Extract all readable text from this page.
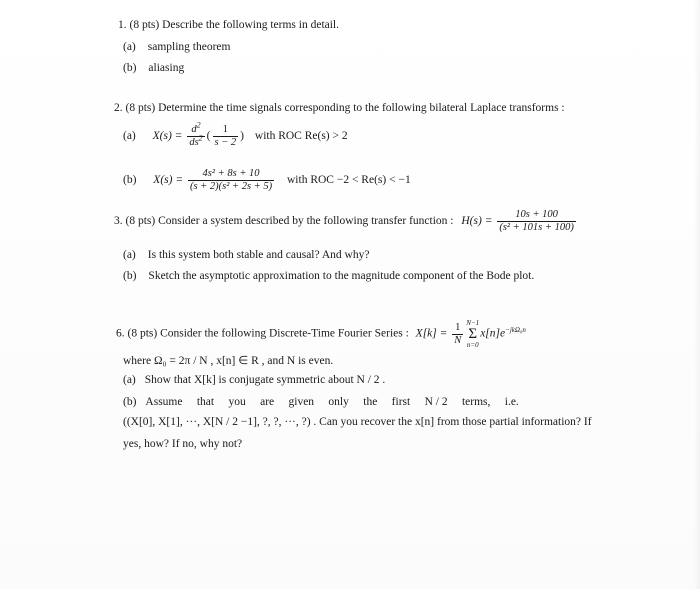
1. (8 pts) Describe the following terms in detail.
(a) sampling theorem
(b) aliasing
2. (8 pts) Determine the time signals corresponding to the following bilateral Laplace transforms :
(a) $X(s) = \frac{d^2}{ds^2}$ ( $\frac{1}{s - 2}$ ) with ROC Re(s) > 2
(b) $X(s) = \frac{\text{4s² + 8s + 10}}{\text{(s + 2)(s² + 2s + 5)}}$ with ROC −2 < Re(s) < −1
3. (8 pts) Consider a system described by the following transfer function : $H(s) = \frac{10s + 100}{\text{(s² + 101s + 100)}}$
(a) Is this system both stable and causal? And why?
(b) Sketch the asymptotic approximation to the magnitude component of the Bode plot.
6. (8 pts) Consider the following Discrete-Time Fourier Series : $X[k] = \frac{1}{N} N-1$
Σ
n=0
$x[n]e^{-jk\Omega_0n}$
where Ω₀ = 2π / N , x[n] ∈ R , and N is even.
(a) Show that X[k] is conjugate symmetric about N / 2 .
(b) Assume     that     you     are     given     only     the     first     N / 2     terms,     i.e.
((X[0], X[1], ···, X[N / 2 −1], ?, ?, ···, ?) . Can you recover the x[n] from those partial information? If
yes, how? If no, why not?
